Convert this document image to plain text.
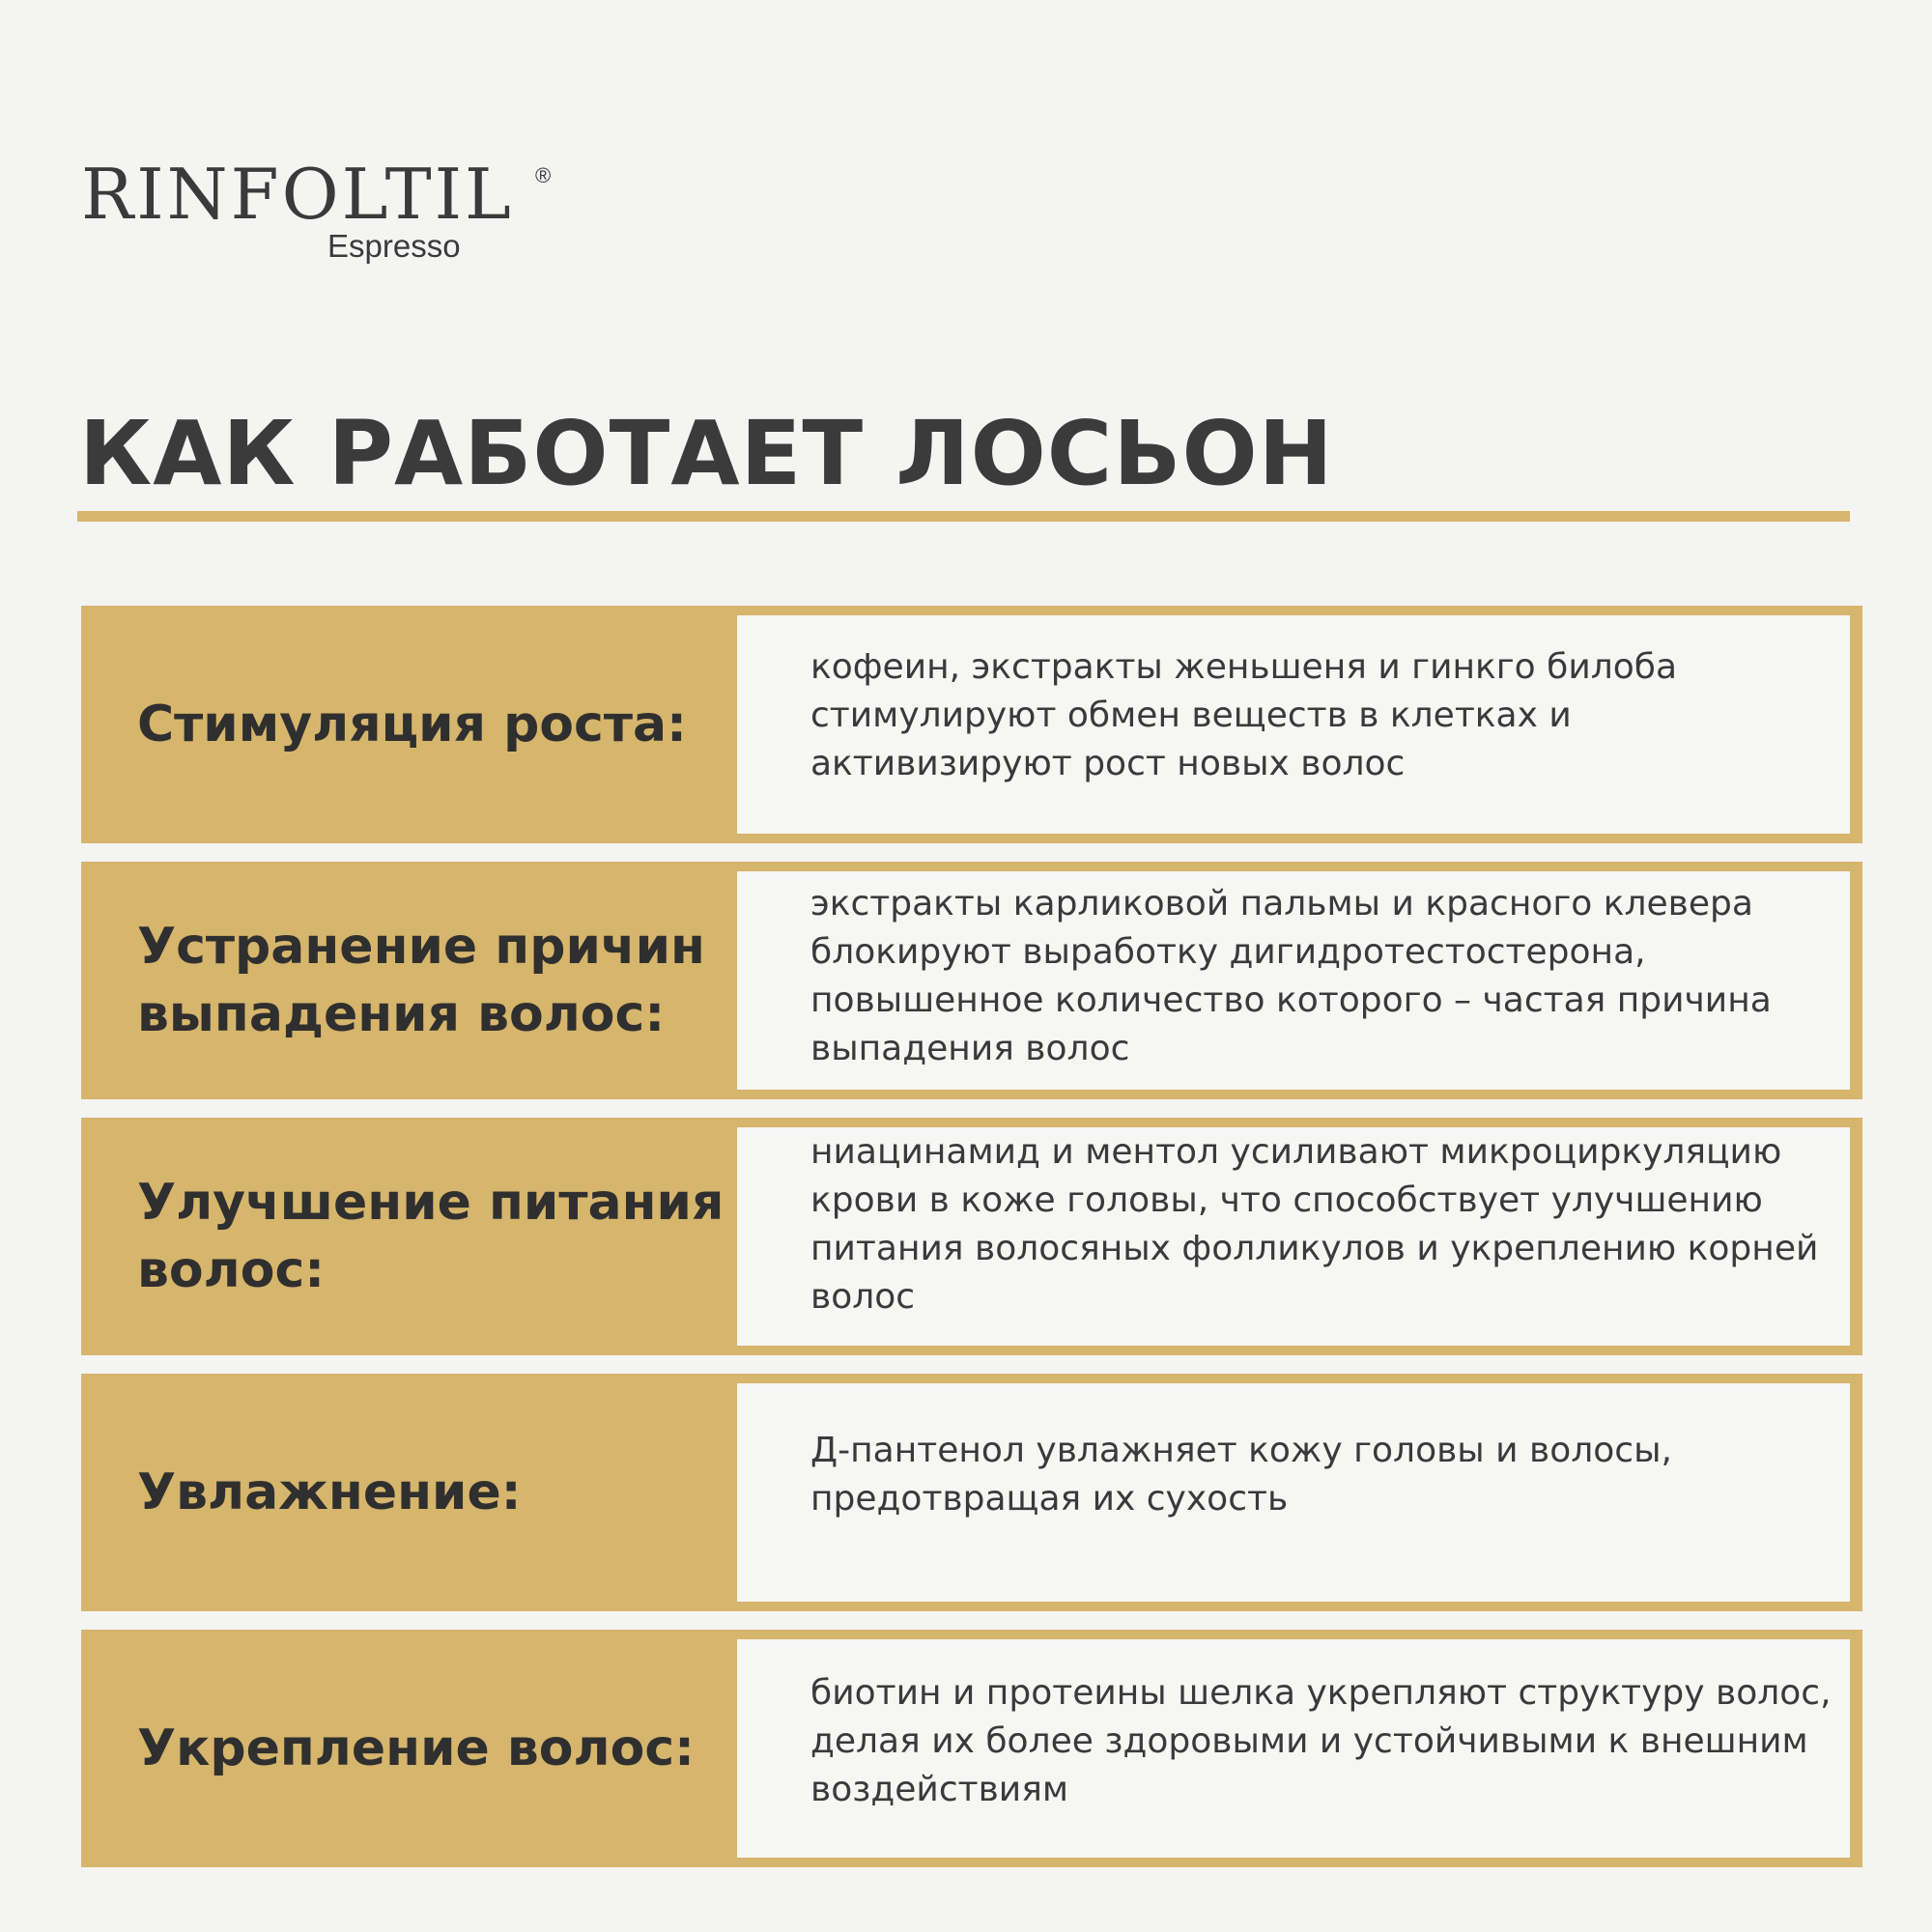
RINFOLTIL ®
Espresso
КАК РАБОТАЕТ ЛОСЬОН
Стимуляция роста:
кофеин, экстракты женьшеня и гинкго билоба стимулируют обмен веществ в клетках и активизируют рост новых волос
Устранение причин выпадения волос:
экстракты карликовой пальмы и красного клевера блокируют выработку дигидротестостерона, повышенное количество которого – частая причина выпадения волос
Улучшение питания волос:
ниацинамид и ментол усиливают микроциркуляцию крови в коже головы, что способствует улучшению питания волосяных фолликулов и укреплению корней волос
Увлажнение:
Д-пантенол увлажняет кожу головы и волосы, предотвращая их сухость
Укрепление волос:
биотин и протеины шелка укрепляют структуру волос, делая их более здоровыми и устойчивыми к внешним воздействиям
